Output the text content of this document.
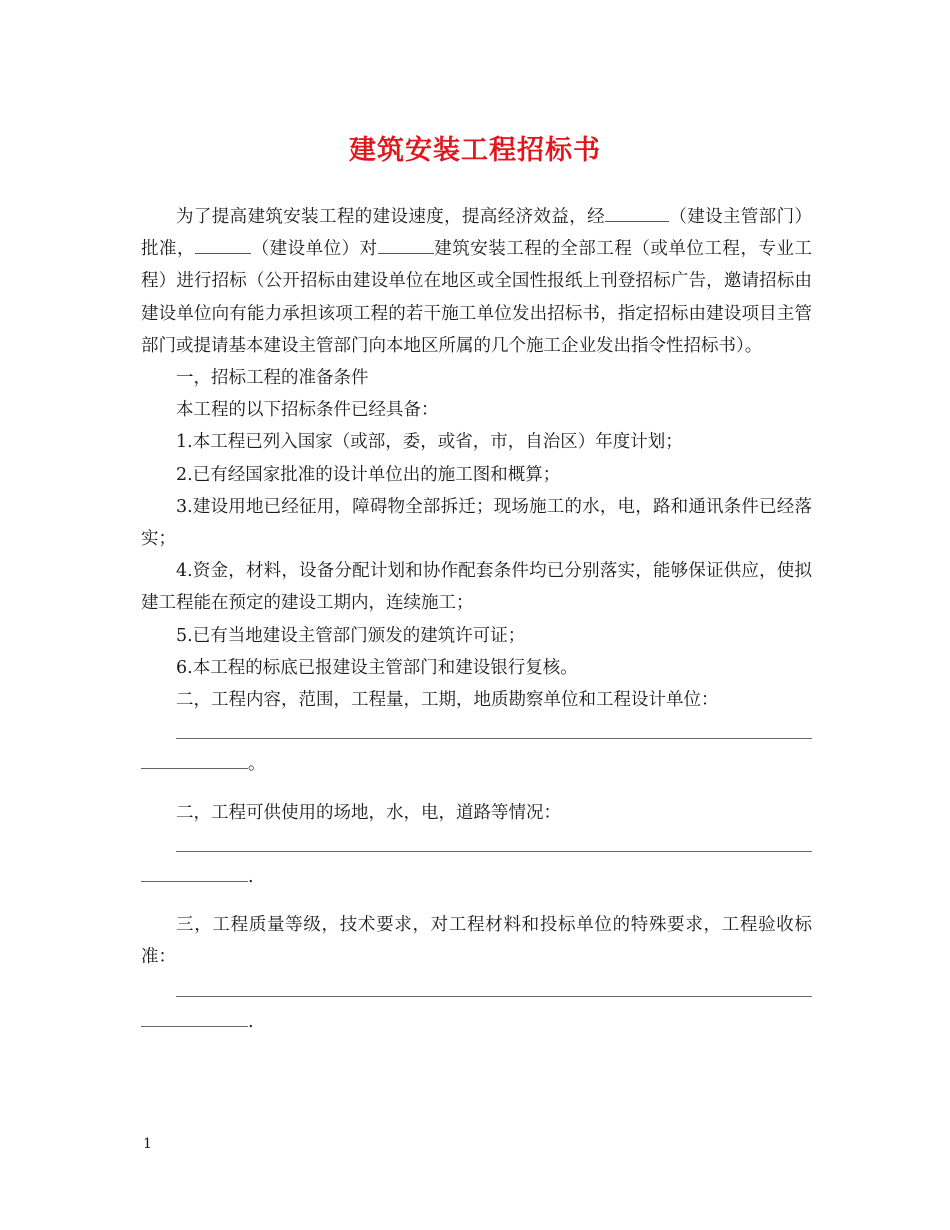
建筑安装工程招标书

为了提高建筑安装工程的建设速度，提高经济效益，经	（建设主管部门）批准，	（建设单位）对	建筑安装工程的全部工程（或单位工程，专业工程）进行招标（公开招标由建设单位在地区或全国性报纸上刊登招标广告，邀请招标由建设单位向有能力承担该项工程的若干施工单位发出招标书，指定招标由建设项目主管部门或提请基本建设主管部门向本地区所属的几个施工企业发出指令性招标书）。

一，招标工程的准备条件

本工程的以下招标条件已经具备：

1.本工程已列入国家（或部，委，或省，市，自治区）年度计划；

2.已有经国家批准的设计单位出的施工图和概算；

3.建设用地已经征用，障碍物全部拆迁；现场施工的水，电，路和通讯条件已经落实；

4.资金，材料，设备分配计划和协作配套条件均已分别落实，能够保证供应，使拟建工程能在预定的建设工期内，连续施工；

5.已有当地建设主管部门颁发的建筑许可证；

6.本工程的标底已报建设主管部门和建设银行复核。

二，工程内容，范围，工程量，工期，地质勘察单位和工程设计单位：

。

二，工程可供使用的场地，水，电，道路等情况：

.

三，工程质量等级，技术要求，对工程材料和投标单位的特殊要求，工程验收标准：

.

1
